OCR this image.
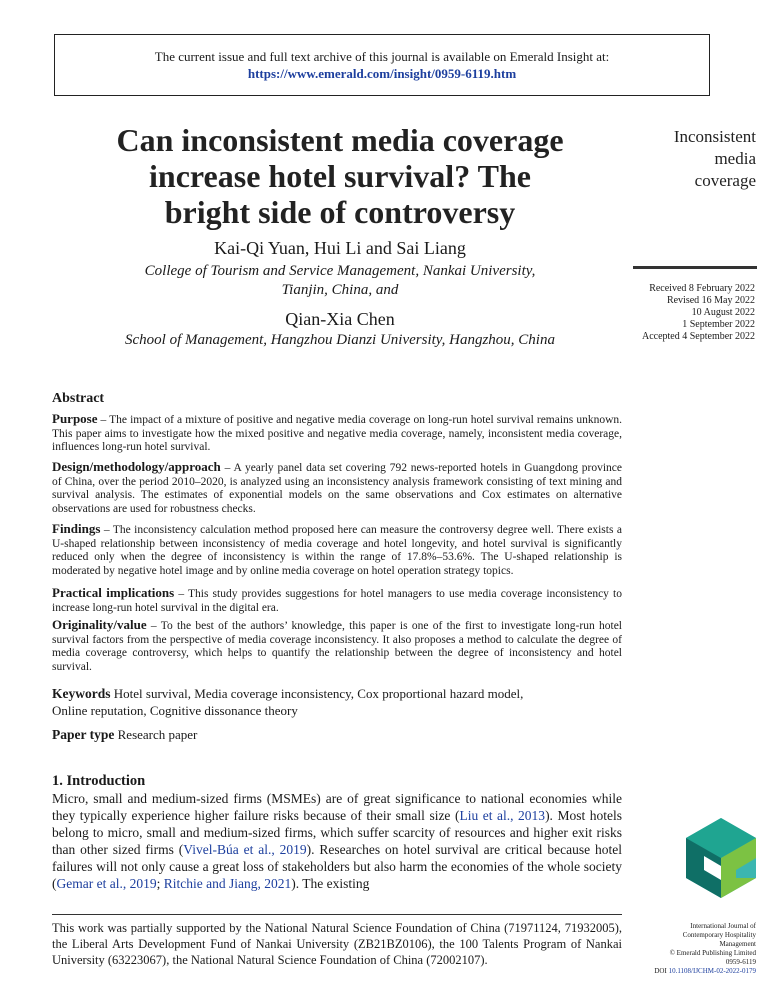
The current issue and full text archive of this journal is available on Emerald Insight at:
https://www.emerald.com/insight/0959-6119.htm
Can inconsistent media coverage
increase hotel survival? The
bright side of controversy
Inconsistent
media
coverage
Kai-Qi Yuan, Hui Li and Sai Liang
College of Tourism and Service Management, Nankai University,
Tianjin, China, and
Qian-Xia Chen
School of Management, Hangzhou Dianzi University, Hangzhou, China
Received 8 February 2022
Revised 16 May 2022
10 August 2022
1 September 2022
Accepted 4 September 2022
Abstract
Purpose – The impact of a mixture of positive and negative media coverage on long-run hotel survival remains unknown. This paper aims to investigate how the mixed positive and negative media coverage, namely, inconsistent media coverage, influences long-run hotel survival.
Design/methodology/approach – A yearly panel data set covering 792 news-reported hotels in Guangdong province of China, over the period 2010–2020, is analyzed using an inconsistency analysis framework consisting of text mining and survival analysis. The estimates of exponential models on the same observations and Cox estimates on alternative observations are used for robustness checks.
Findings – The inconsistency calculation method proposed here can measure the controversy degree well. There exists a U-shaped relationship between inconsistency of media coverage and hotel longevity, and hotel survival is significantly reduced only when the degree of inconsistency is within the range of 17.8%–53.6%. The U-shaped relationship is moderated by negative hotel image and by online media coverage on hotel operation strategy topics.
Practical implications – This study provides suggestions for hotel managers to use media coverage inconsistency to increase long-run hotel survival in the digital era.
Originality/value – To the best of the authors’ knowledge, this paper is one of the first to investigate long-run hotel survival factors from the perspective of media coverage inconsistency. It also proposes a method to calculate the degree of media coverage controversy, which helps to quantify the relationship between the degree of inconsistency and hotel survival.
Keywords Hotel survival, Media coverage inconsistency, Cox proportional hazard model,
Online reputation, Cognitive dissonance theory
Paper type Research paper
1. Introduction
Micro, small and medium-sized firms (MSMEs) are of great significance to national economies while they typically experience higher failure risks because of their small size (Liu et al., 2013). Most hotels belong to micro, small and medium-sized firms, which suffer scarcity of resources and higher exit risks than other sized firms (Vivel-Búa et al., 2019). Researches on hotel survival are critical because hotel failures will not only cause a great loss of stakeholders but also harm the economies of the whole society (Gemar et al., 2019; Ritchie and Jiang, 2021). The existing
This work was partially supported by the National Natural Science Foundation of China (71971124, 71932005), the Liberal Arts Development Fund of Nankai University (ZB21BZ0106), the 100 Talents Program of Nankai University (63223067), the National Natural Science Foundation of China (72002107).
International Journal of
Contemporary Hospitality
Management
© Emerald Publishing Limited
0959-6119
DOI 10.1108/IJCHM-02-2022-0179
